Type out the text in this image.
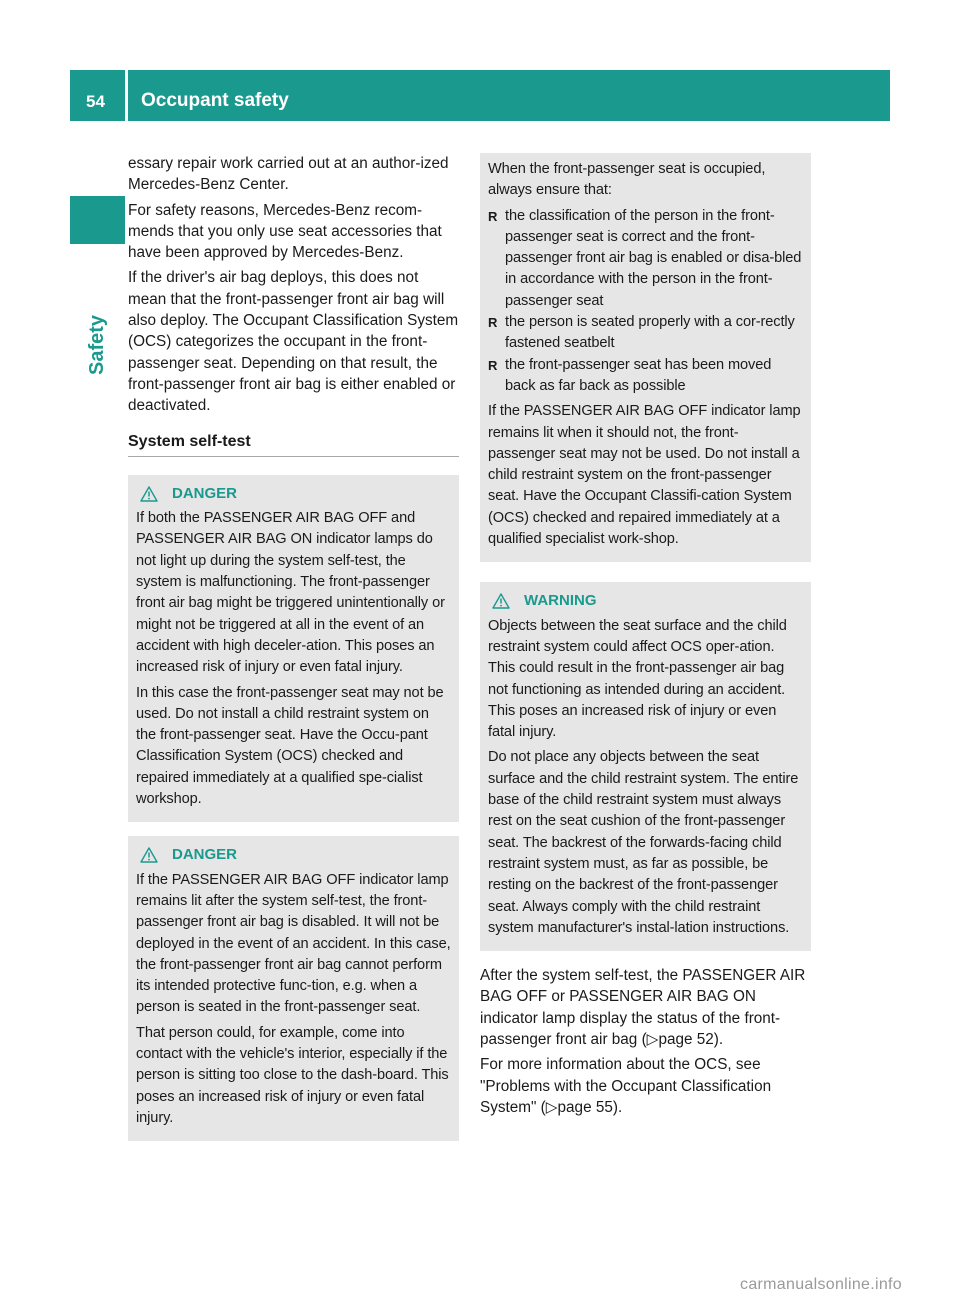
54	Occupant safety
Safety

essary repair work carried out at an author-ized Mercedes-Benz Center.

For safety reasons, Mercedes-Benz recom-mends that you only use seat accessories that have been approved by Mercedes-Benz.

If the driver's air bag deploys, this does not mean that the front-passenger front air bag will also deploy. The Occupant Classification System (OCS) categorizes the occupant in the front-passenger seat. Depending on that result, the front-passenger front air bag is either enabled or deactivated.

System self-test
DANGER

If both the PASSENGER AIR BAG OFF and PASSENGER AIR BAG ON indicator lamps do not light up during the system self-test, the system is malfunctioning. The front-passenger front air bag might be triggered unintentionally or might not be triggered at all in the event of an accident with high deceler-ation. This poses an increased risk of injury or even fatal injury.

In this case the front-passenger seat may not be used. Do not install a child restraint system on the front-passenger seat. Have the Occu-pant Classification System (OCS) checked and repaired immediately at a qualified spe-cialist workshop.

DANGER

If the PASSENGER AIR BAG OFF indicator lamp remains lit after the system self-test, the front-passenger front air bag is disabled. It will not be deployed in the event of an accident. In this case, the front-passenger front air bag cannot perform its intended protective func-tion, e.g. when a person is seated in the front-passenger seat.

That person could, for example, come into contact with the vehicle's interior, especially if the person is sitting too close to the dash-board. This poses an increased risk of injury or even fatal injury.

When the front-passenger seat is occupied, always ensure that:

R the classification of the person in the front-passenger seat is correct and the front-passenger front air bag is enabled or disa-bled in accordance with the person in the front-passenger seat
R the person is seated properly with a cor-rectly fastened seatbelt
R the front-passenger seat has been moved back as far back as possible

If the PASSENGER AIR BAG OFF indicator lamp remains lit when it should not, the front-passenger seat may not be used. Do not install a child restraint system on the front-passenger seat. Have the Occupant Classifi-cation System (OCS) checked and repaired immediately at a qualified specialist work-shop.

WARNING

Objects between the seat surface and the child restraint system could affect OCS oper-ation. This could result in the front-passenger air bag not functioning as intended during an accident. This poses an increased risk of injury or even fatal injury.

Do not place any objects between the seat surface and the child restraint system. The entire base of the child restraint system must always rest on the seat cushion of the front-passenger seat. The backrest of the forwards-facing child restraint system must, as far as possible, be resting on the backrest of the front-passenger seat. Always comply with the child restraint system manufacturer's instal-lation instructions.

After the system self-test, the PASSENGER AIR BAG OFF or PASSENGER AIR BAG ON indicator lamp display the status of the front-passenger front air bag (▷page 52).

For more information about the OCS, see "Problems with the Occupant Classification System" (▷page 55).

carmanualsonline.info
